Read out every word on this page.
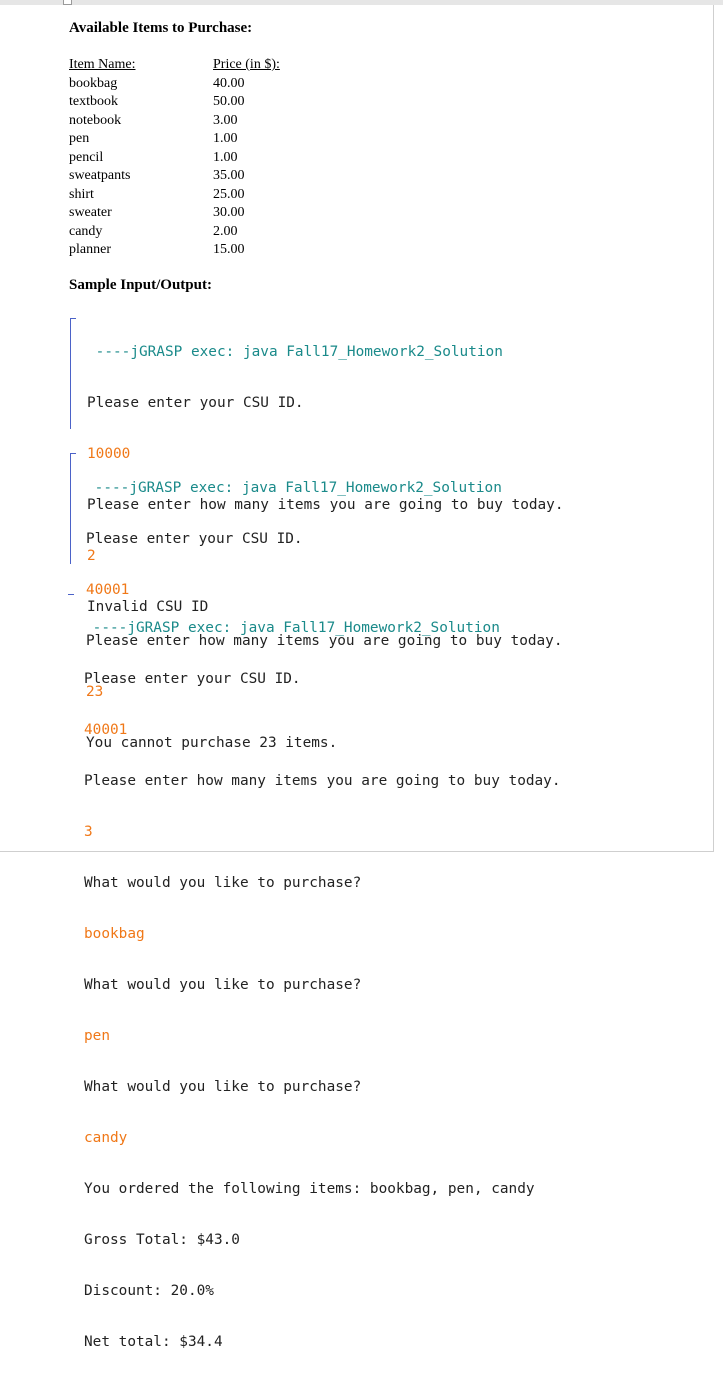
Available Items to Purchase:
Item Name:	Price (in $):
bookbag	40.00
textbook	50.00
notebook	3.00
pen	1.00
pencil	1.00
sweatpants	35.00
shirt	25.00
sweater	30.00
candy	2.00
planner	15.00
Sample Input/Output:

----jGRASP exec: java Fall17_Homework2_Solution

Please enter your CSU ID.

10000

Please enter how many items you are going to buy today.

2

Invalid CSU ID

----jGRASP exec: java Fall17_Homework2_Solution

Please enter your CSU ID.

40001

Please enter how many items you are going to buy today.

23

You cannot purchase 23 items.

----jGRASP exec: java Fall17_Homework2_Solution

Please enter your CSU ID.

40001

Please enter how many items you are going to buy today.

3

What would you like to purchase?

bookbag

What would you like to purchase?

pen

What would you like to purchase?

candy

You ordered the following items: bookbag, pen, candy

Gross Total: $43.0

Discount: 20.0%

Net total: $34.4
